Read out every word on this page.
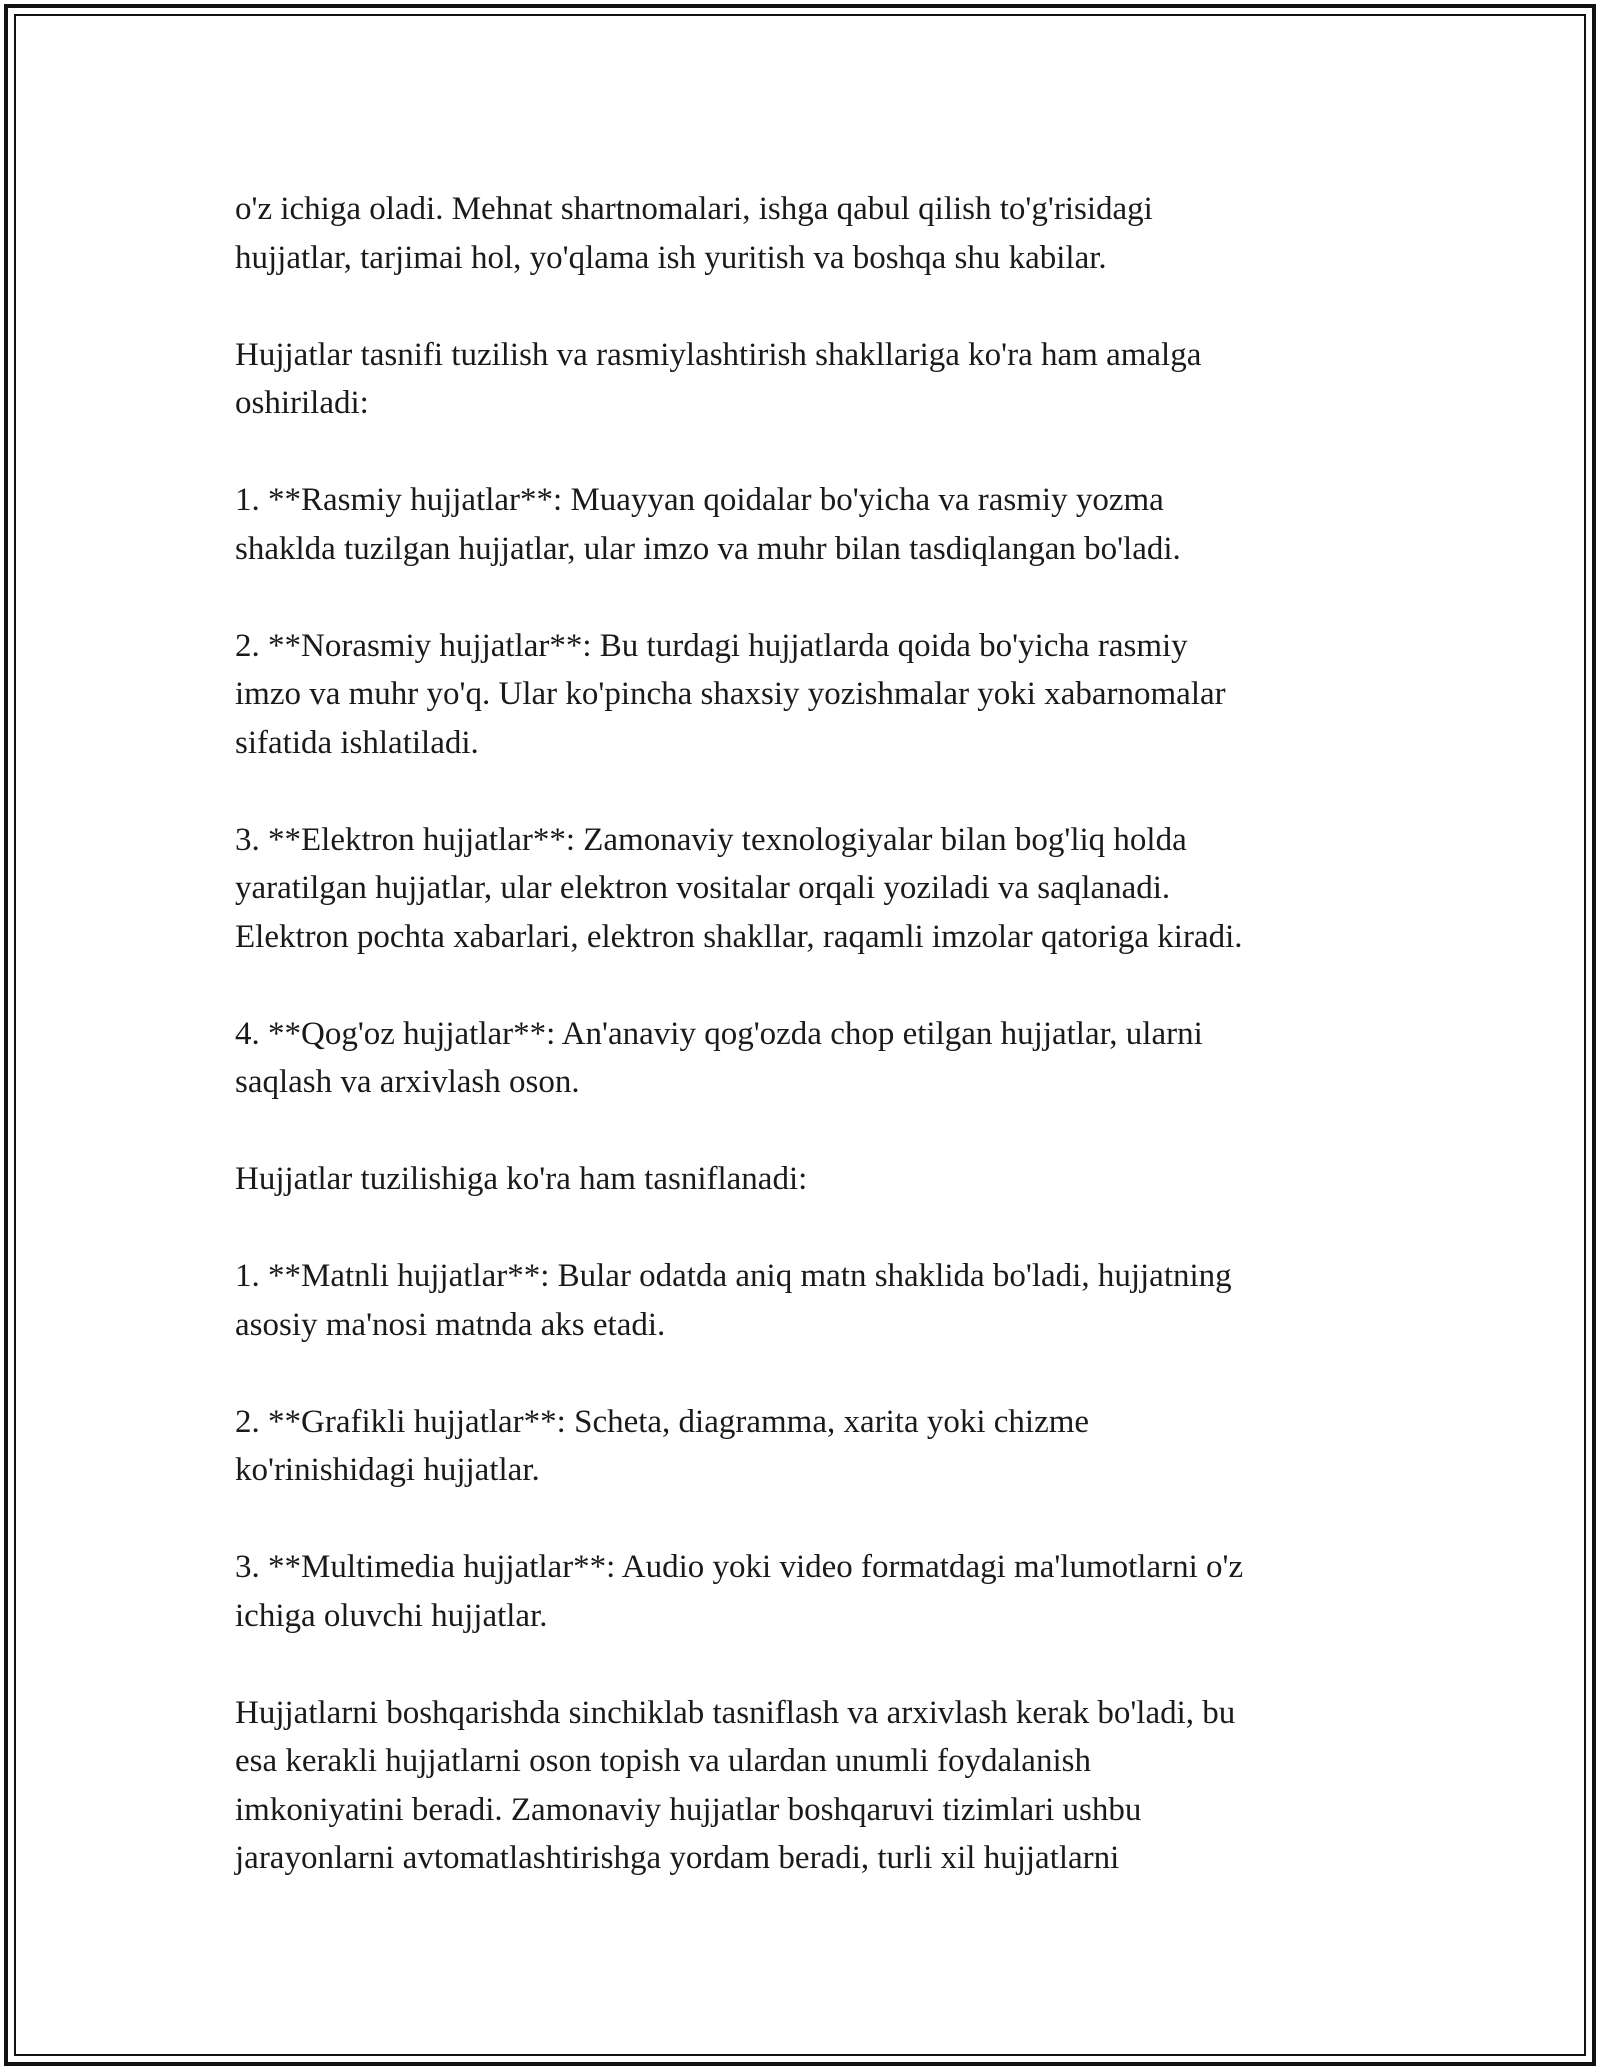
o'z ichiga oladi. Mehnat shartnomalari, ishga qabul qilish to'g'risidagi
hujjatlar, tarjimai hol, yo'qlama ish yuritish va boshqa shu kabilar.

Hujjatlar tasnifi tuzilish va rasmiylashtirish shakllariga ko'ra ham amalga
oshiriladi:

1. **Rasmiy hujjatlar**: Muayyan qoidalar bo'yicha va rasmiy yozma
shaklda tuzilgan hujjatlar, ular imzo va muhr bilan tasdiqlangan bo'ladi.

2. **Norasmiy hujjatlar**: Bu turdagi hujjatlarda qoida bo'yicha rasmiy
imzo va muhr yo'q. Ular ko'pincha shaxsiy yozishmalar yoki xabarnomalar
sifatida ishlatiladi.

3. **Elektron hujjatlar**: Zamonaviy texnologiyalar bilan bog'liq holda
yaratilgan hujjatlar, ular elektron vositalar orqali yoziladi va saqlanadi.
Elektron pochta xabarlari, elektron shakllar, raqamli imzolar qatoriga kiradi.

4. **Qog'oz hujjatlar**: An'anaviy qog'ozda chop etilgan hujjatlar, ularni
saqlash va arxivlash oson.

Hujjatlar tuzilishiga ko'ra ham tasniflanadi:

1. **Matnli hujjatlar**: Bular odatda aniq matn shaklida bo'ladi, hujjatning
asosiy ma'nosi matnda aks etadi.

2. **Grafikli hujjatlar**: Scheta, diagramma, xarita yoki chizme
ko'rinishidagi hujjatlar.

3. **Multimedia hujjatlar**: Audio yoki video formatdagi ma'lumotlarni o'z
ichiga oluvchi hujjatlar.

Hujjatlarni boshqarishda sinchiklab tasniflash va arxivlash kerak bo'ladi, bu
esa kerakli hujjatlarni oson topish va ulardan unumli foydalanish
imkoniyatini beradi. Zamonaviy hujjatlar boshqaruvi tizimlari ushbu
jarayonlarni avtomatlashtirishga yordam beradi, turli xil hujjatlarni
